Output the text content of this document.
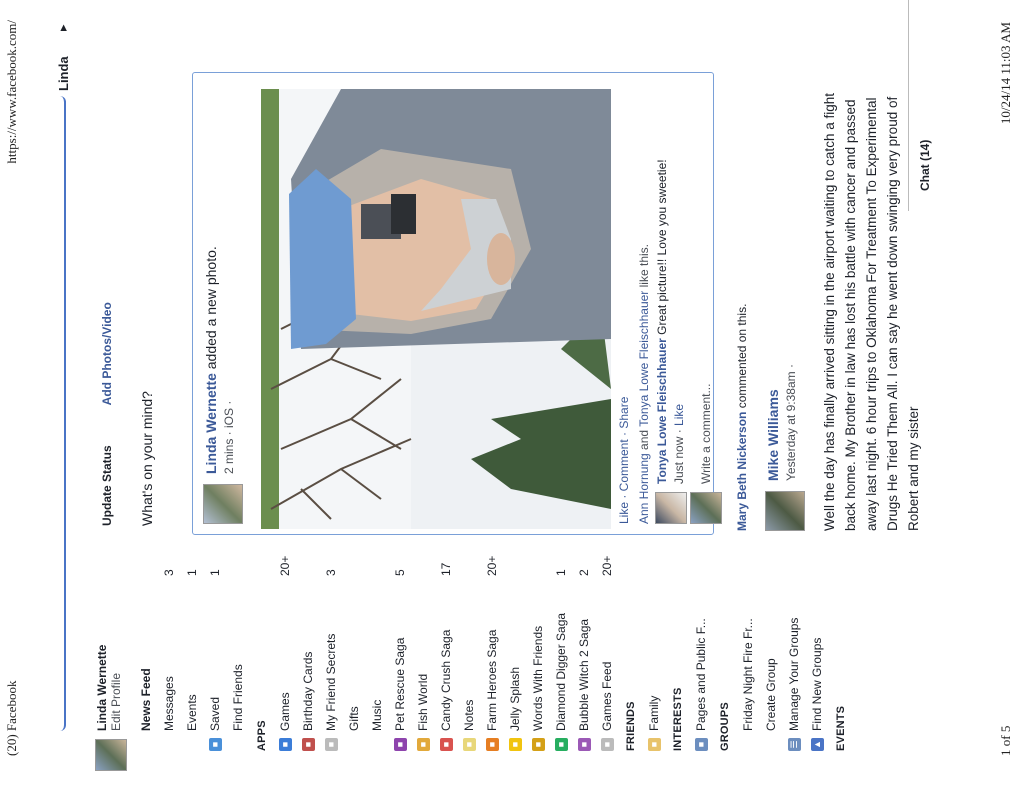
(20) Facebook
https://www.facebook.com/	Linda
▸
Linda Wernette Edit Profile	News Feed Messages
3
Events
1
■
Saved
1
Find Friends
APPS	■
Games
20+
■
Birthday Cards
■
My Friend Secrets
3
Gifts Music
■
Pet Rescue Saga
5
■
Fish World
■
Candy Crush Saga
17
■
Notes
■
Farm Heroes Saga
20+
■
Jelly Splash
■
Words With Friends
■
Diamond Digger Saga
1
■
Bubble Witch 2 Saga
2
■
Games Feed
20+
FRIENDS	■
Family	INTERESTS	■
Pages and Public F...	GROUPS Friday Night Fire Fr... Create Group
☰
Manage Your Groups
▲
Find New Groups	EVENTS
Update Status
Add Photos/Video
What's on your mind?	Linda Wernette added a new photo.
2 mins · iOS ·	Like · Comment · Share Ann Hornung and Tonya Lowe Fleischhauer like this.
Tonya Lowe Fleischhauer Great picture!! Love you sweetie!
Just now · Like Write a comment... Mary Beth Nickerson commented on this.
Mike Williams Yesterday at 9:38am · Well the day has finally arrived sitting in the airport waiting to catch a fight back home. My Brother in law has lost his battle with cancer and passed away last night. 6 hour trips to Oklahoma For Treatment To Experimental Drugs He Tried Them All. I can say he went down swinging very proud of Robert and my sister
Chat (14)
1 of 5
10/24/14 11:03 AM
